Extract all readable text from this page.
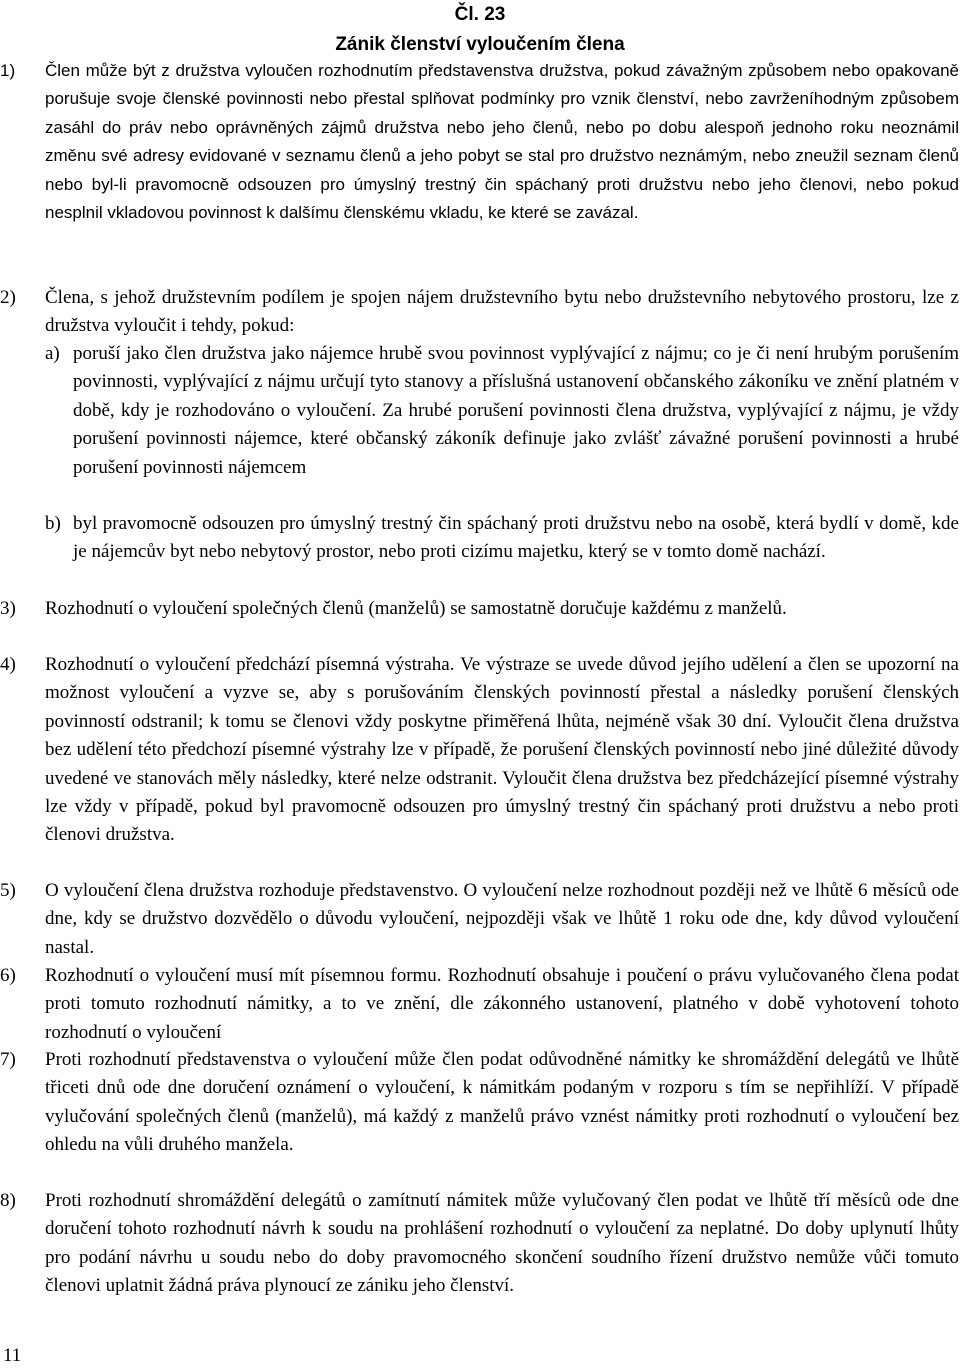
Čl. 23
Zánik členství vyloučením člena

1)	Člen může být z družstva vyloučen rozhodnutím představenstva družstva, pokud závažným způsobem nebo opakovaně porušuje svoje členské povinnosti nebo přestal splňovat podmínky pro vznik členství, nebo zavrženíhodným způsobem zasáhl do práv nebo oprávněných zájmů družstva nebo jeho členů, nebo po dobu alespoň jednoho roku neoznámil změnu své adresy evidované v seznamu členů a jeho pobyt se stal pro družstvo neznámým, nebo zneužil seznam členů nebo byl-li pravomocně odsouzen pro úmyslný trestný čin spáchaný proti družstvu nebo jeho členovi, nebo pokud nesplnil vkladovou povinnost k dalšímu členskému vkladu, ke které se zavázal.

2)	Člena, s jehož družstevním podílem je spojen nájem družstevního bytu nebo družstevního nebytového prostoru, lze z družstva vyloučit i tehdy, pokud:

a) poruší jako člen družstva jako nájemce hrubě svou povinnost vyplývající z nájmu; co je či není hrubým porušením povinnosti, vyplývající z nájmu určují tyto stanovy a příslušná ustanovení občanského zákoníku ve znění platném v době, kdy je rozhodováno o vyloučení. Za hrubé porušení povinnosti člena družstva, vyplývající z nájmu, je vždy porušení povinnosti nájemce, které občanský zákoník definuje jako zvlášť závažné porušení povinnosti a hrubé porušení povinnosti nájemcem

b) byl pravomocně odsouzen pro úmyslný trestný čin spáchaný proti družstvu nebo na osobě, která bydlí v domě, kde je nájemcův byt nebo nebytový prostor, nebo proti cizímu majetku, který se v tomto domě nachází.

3)	Rozhodnutí o vyloučení společných členů (manželů) se samostatně doručuje každému z manželů.

4)	Rozhodnutí o vyloučení předchází písemná výstraha. Ve výstraze se uvede důvod jejího udělení a člen se upozorní na možnost vyloučení a vyzve se, aby s porušováním členských povinností přestal a následky porušení členských povinností odstranil; k tomu se členovi vždy poskytne přiměřená lhůta, nejméně však 30 dní. Vyloučit člena družstva bez udělení této předchozí písemné výstrahy lze v případě, že porušení členských povinností nebo jiné důležité důvody uvedené ve stanovách měly následky, které nelze odstranit. Vyloučit člena družstva bez předcházející písemné výstrahy lze vždy v případě, pokud byl pravomocně odsouzen pro úmyslný trestný čin spáchaný proti družstvu a nebo proti členovi družstva.

5)	O vyloučení člena družstva rozhoduje představenstvo. O vyloučení nelze rozhodnout později než ve lhůtě 6 měsíců ode dne, kdy se družstvo dozvědělo o důvodu vyloučení, nejpozději však ve lhůtě 1 roku ode dne, kdy důvod vyloučení nastal.

6)	Rozhodnutí o vyloučení musí mít písemnou formu. Rozhodnutí obsahuje i poučení o právu vylučovaného člena podat proti tomuto rozhodnutí námitky, a to ve znění, dle zákonného ustanovení, platného v době vyhotovení tohoto rozhodnutí o vyloučení

7)	Proti rozhodnutí představenstva o vyloučení může člen podat odůvodněné námitky ke shromáždění delegátů ve lhůtě třiceti dnů ode dne doručení oznámení o vyloučení, k námitkám podaným v rozporu s tím se nepřihlíží. V případě vylučování společných členů (manželů), má každý z manželů právo vznést námitky proti rozhodnutí o vyloučení bez ohledu na vůli druhého manžela.

8)	Proti rozhodnutí shromáždění delegátů o zamítnutí námitek může vylučovaný člen podat ve lhůtě tří měsíců ode dne doručení tohoto rozhodnutí návrh k soudu na prohlášení rozhodnutí o vyloučení za neplatné. Do doby uplynutí lhůty pro podání návrhu u soudu nebo do doby pravomocného skončení soudního řízení družstvo nemůže vůči tomuto členovi uplatnit žádná práva plynoucí ze zániku jeho členství.

11
